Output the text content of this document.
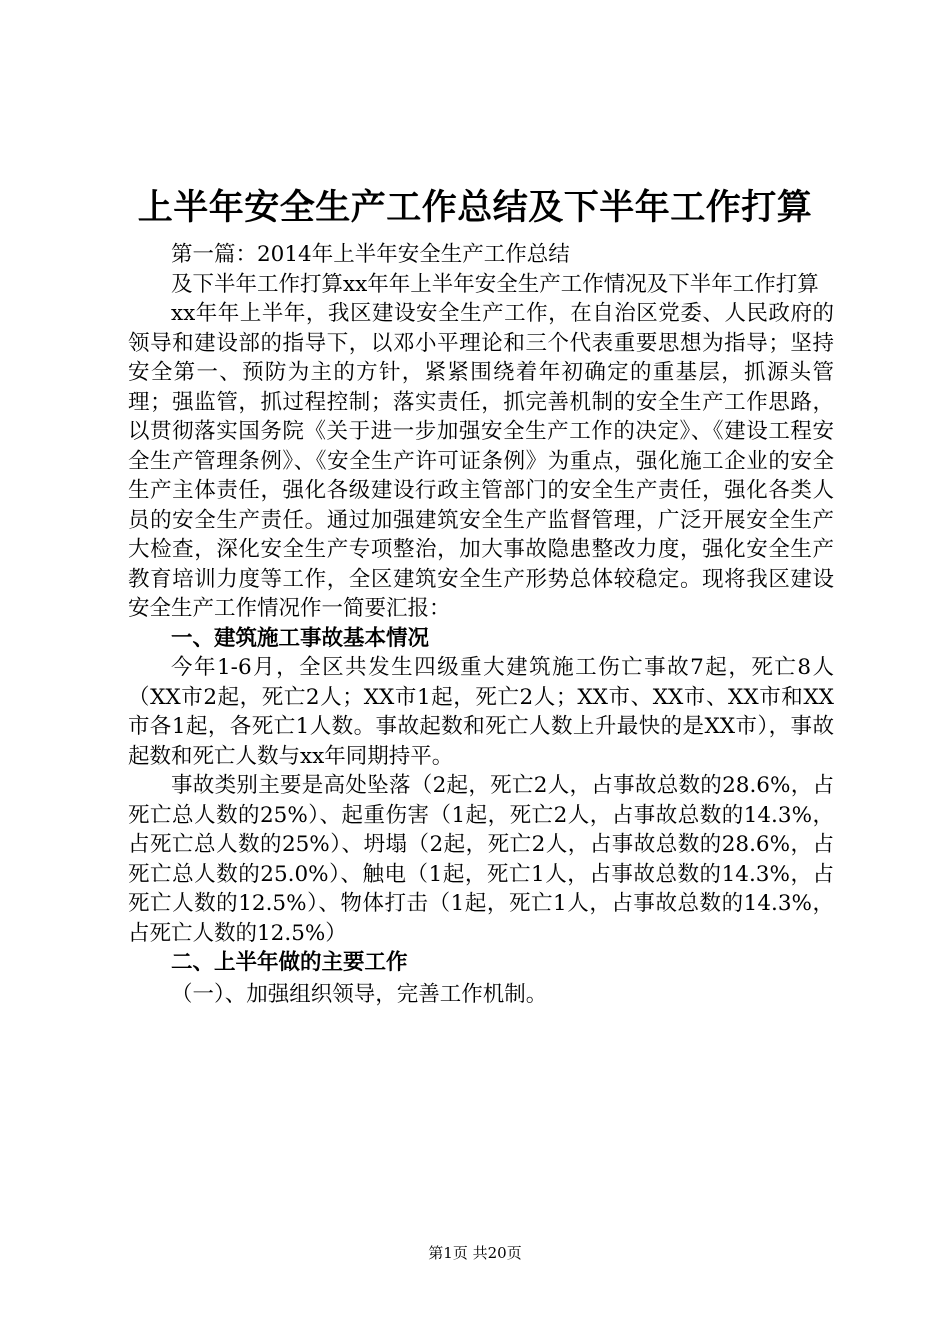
上半年安全生产工作总结及下半年工作打算

第一篇：2014年上半年安全生产工作总结

及下半年工作打算xx年年上半年安全生产工作情况及下半年工作打算

xx年年上半年，我区建设安全生产工作，在自治区党委、人民政府的领导和建设部的指导下，以邓小平理论和三个代表重要思想为指导；坚持安全第一、预防为主的方针，紧紧围绕着年初确定的重基层，抓源头管理；强监管，抓过程控制；落实责任，抓完善机制的安全生产工作思路，以贯彻落实国务院《关于进一步加强安全生产工作的决定》、《建设工程安全生产管理条例》、《安全生产许可证条例》为重点，强化施工企业的安全生产主体责任，强化各级建设行政主管部门的安全生产责任，强化各类人员的安全生产责任。通过加强建筑安全生产监督管理，广泛开展安全生产大检查，深化安全生产专项整治，加大事故隐患整改力度，强化安全生产教育培训力度等工作，全区建筑安全生产形势总体较稳定。现将我区建设安全生产工作情况作一简要汇报：

一、建筑施工事故基本情况

今年1-6月，全区共发生四级重大建筑施工伤亡事故7起，死亡8人（XX市2起，死亡2人；XX市1起，死亡2人；XX市、XX市、XX市和XX市各1起，各死亡1人数。事故起数和死亡人数上升最快的是XX市），事故起数和死亡人数与xx年同期持平。

事故类别主要是高处坠落（2起，死亡2人，占事故总数的28.6%，占死亡总人数的25%）、起重伤害（1起，死亡2人，占事故总数的14.3%，占死亡总人数的25%）、坍塌（2起，死亡2人，占事故总数的28.6%，占死亡总人数的25.0%）、触电（1起，死亡1人，占事故总数的14.3%，占死亡人数的12.5%）、物体打击（1起，死亡1人，占事故总数的14.3%，占死亡人数的12.5%）

二、上半年做的主要工作

（一）、加强组织领导，完善工作机制。

第1页 共20页
